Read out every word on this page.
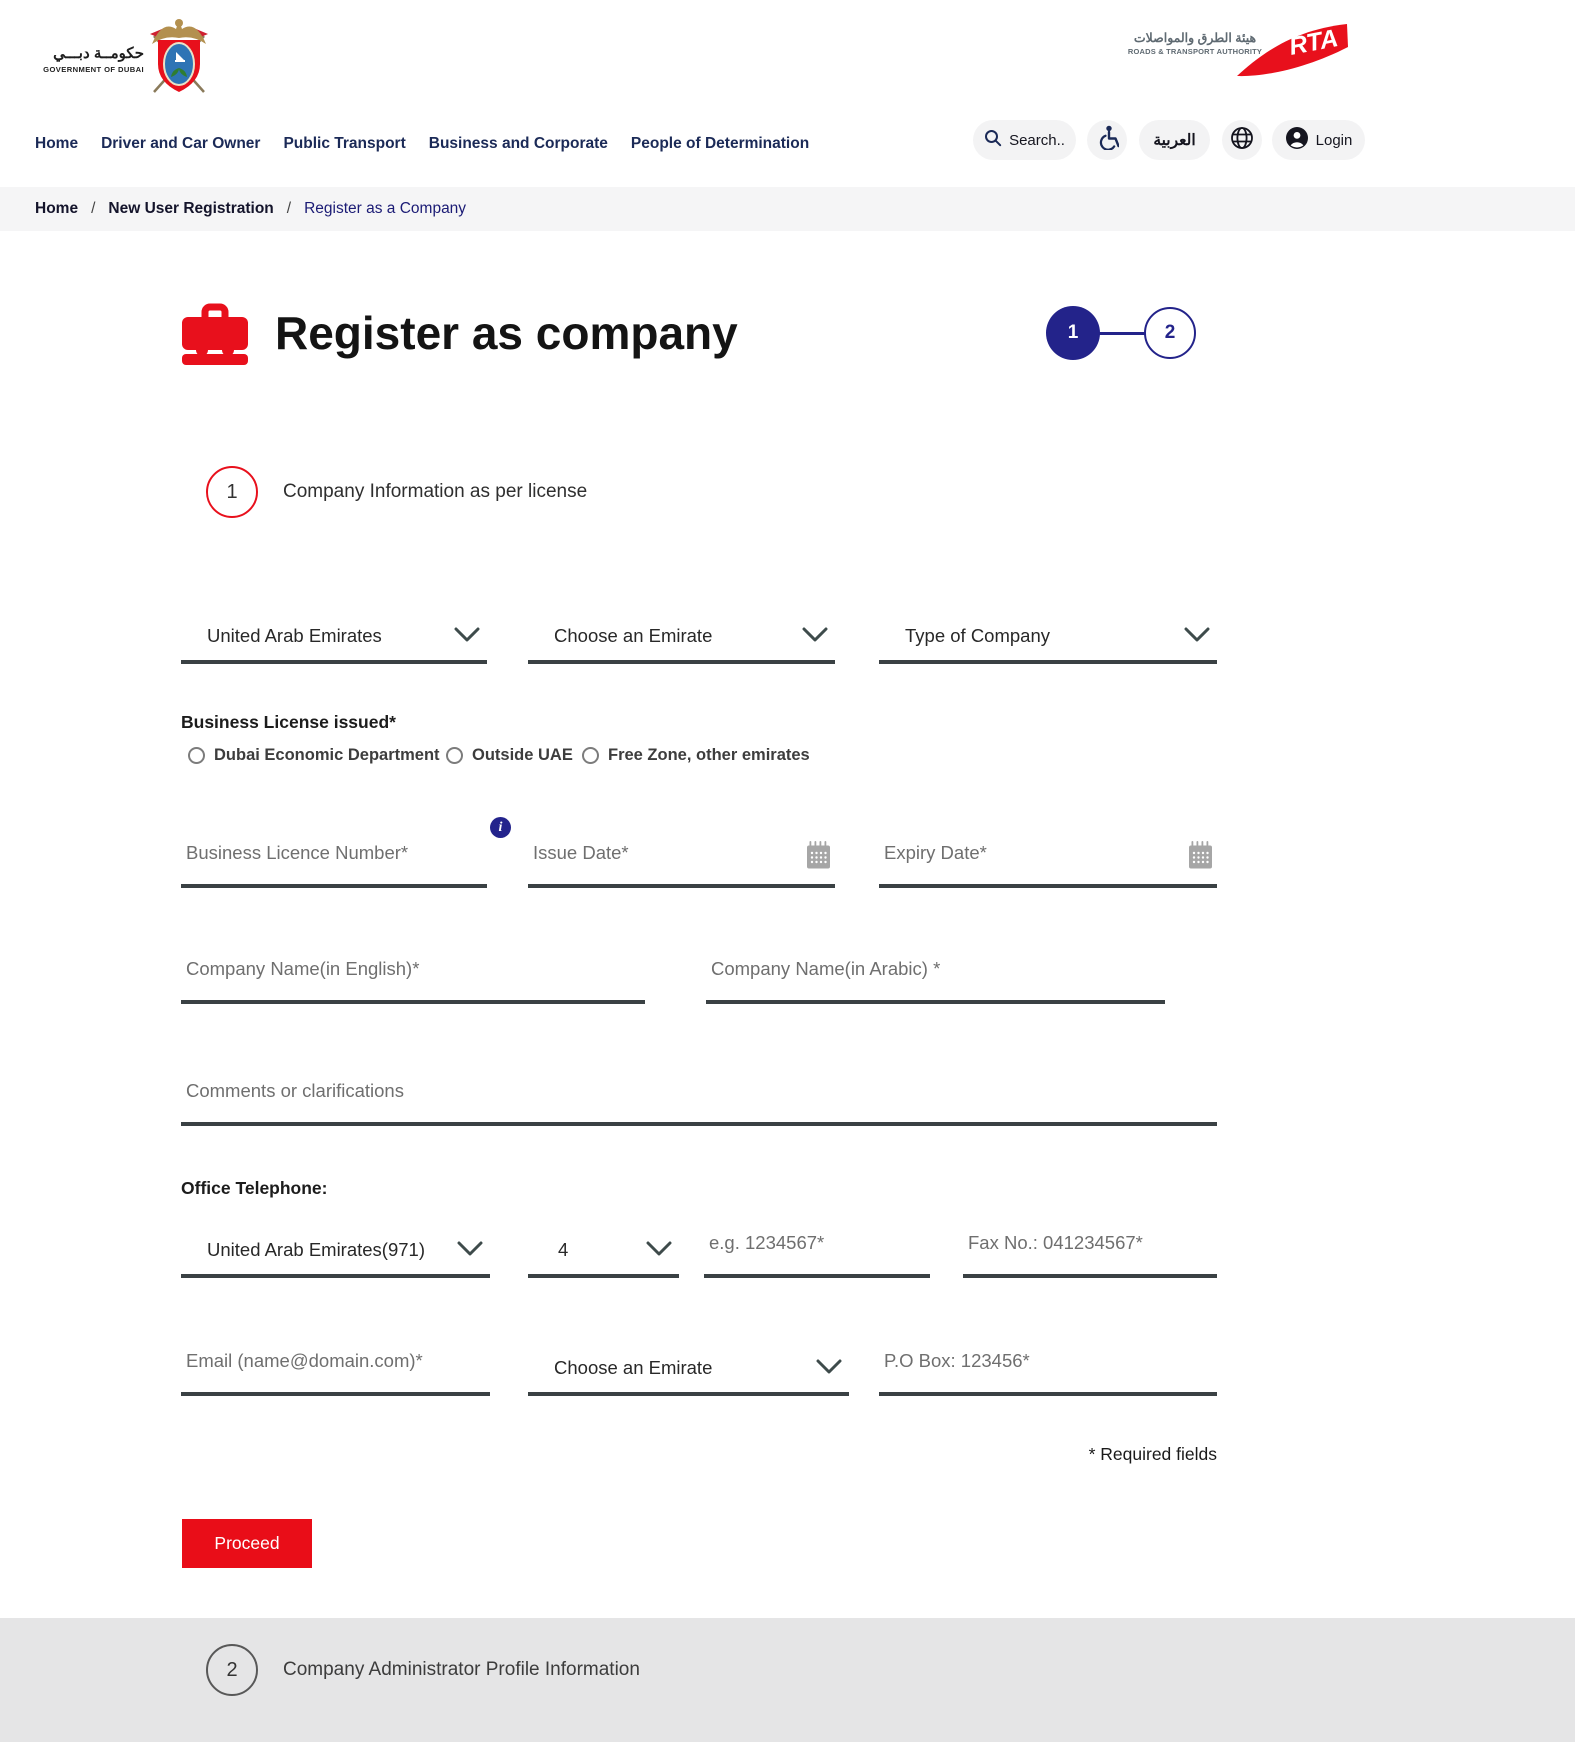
حكومــة دبـــي
GOVERNMENT OF DUBAI
هيئة الطرق والمواصلات
ROADS & TRANSPORT AUTHORITY RTA
Home Driver and Car Owner Public Transport Business and Corporate People of Determination	Search..	العربية	Login
Home / New User Registration / Register as a Company
Register as company	1	2
1	Company Information as per license
United Arab Emirates	Choose an Emirate	Type of Company
Business License issued*
Dubai Economic Department Outside UAE Free Zone, other emirates
Business Licence Number*
i
Issue Date*
Expiry Date*
Company Name(in English)*
Company Name(in Arabic) *
Comments or clarifications
Office Telephone:
United Arab Emirates(971)	4
e.g. 1234567*
Fax No.: 041234567*
Email (name@domain.com)*
Choose an Emirate
P.O Box: 123456*
* Required fields
Proceed
2	Company Administrator Profile Information
